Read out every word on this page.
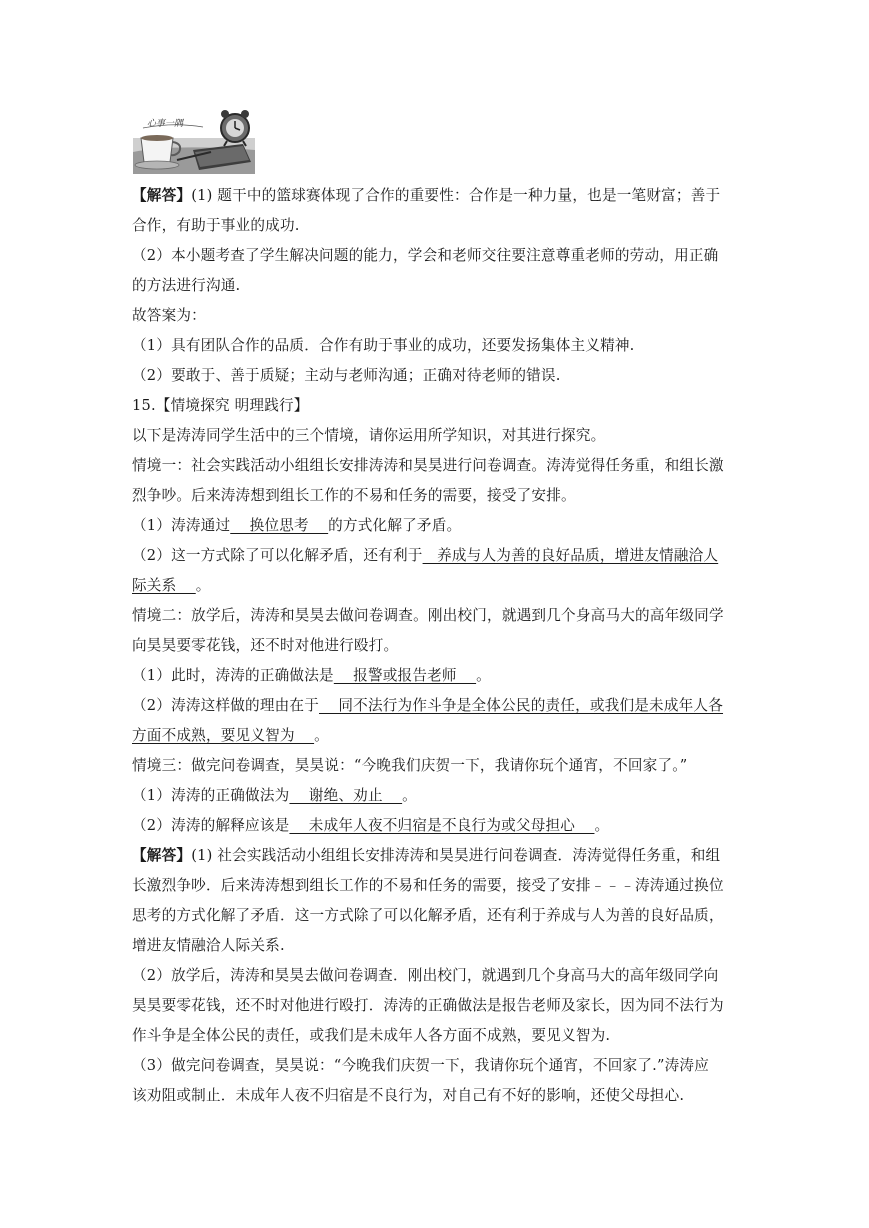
心事一隅
【解答】(1) 题干中的篮球赛体现了合作的重要性：合作是一种力量，也是一笔财富；善于
合作，有助于事业的成功.
（2）本小题考查了学生解决问题的能力，学会和老师交往要注意尊重老师的劳动，用正确
的方法进行沟通.
故答案为：
（1）具有团队合作的品质．合作有助于事业的成功，还要发扬集体主义精神.
（2）要敢于、善于质疑；主动与老师沟通；正确对待老师的错误.
15.【情境探究 明理践行】
以下是涛涛同学生活中的三个情境，请你运用所学知识，对其进行探究。
情境一：社会实践活动小组组长安排涛涛和昊昊进行问卷调查。涛涛觉得任务重，和组长激
烈争吵。后来涛涛想到组长工作的不易和任务的需要，接受了安排。
（1）涛涛通过    换位思考    的方式化解了矛盾。
（2）这一方式除了可以化解矛盾，还有利于   养成与人为善的良好品质，增进友情融洽人
际关系    。
情境二：放学后，涛涛和昊昊去做问卷调查。刚出校门，就遇到几个身高马大的高年级同学
向昊昊要零花钱，还不时对他进行殴打。
（1）此时，涛涛的正确做法是    报警或报告老师    。
（2）涛涛这样做的理由在于    同不法行为作斗争是全体公民的责任，或我们是未成年人各
方面不成熟，要见义智为    。
情境三：做完问卷调查，昊昊说：“今晚我们庆贺一下，我请你玩个通宵，不回家了。”
（1）涛涛的正确做法为    谢绝、劝止    。
（2）涛涛的解释应该是    未成年人夜不归宿是不良行为或父母担心    。
【解答】(1) 社会实践活动小组组长安排涛涛和昊昊进行问卷调查．涛涛觉得任务重，和组
长激烈争吵．后来涛涛想到组长工作的不易和任务的需要，接受了安排﹣﹣﹣涛涛通过换位
思考的方式化解了矛盾．这一方式除了可以化解矛盾，还有利于养成与人为善的良好品质，
增进友情融洽人际关系.
（2）放学后，涛涛和昊昊去做问卷调查．刚出校门，就遇到几个身高马大的高年级同学向
昊昊要零花钱，还不时对他进行殴打．涛涛的正确做法是报告老师及家长，因为同不法行为
作斗争是全体公民的责任，或我们是未成年人各方面不成熟，要见义智为.
（3）做完问卷调查，昊昊说：“今晚我们庆贺一下，我请你玩个通宵，不回家了.”涛涛应
该劝阻或制止．未成年人夜不归宿是不良行为，对自己有不好的影响，还使父母担心.
